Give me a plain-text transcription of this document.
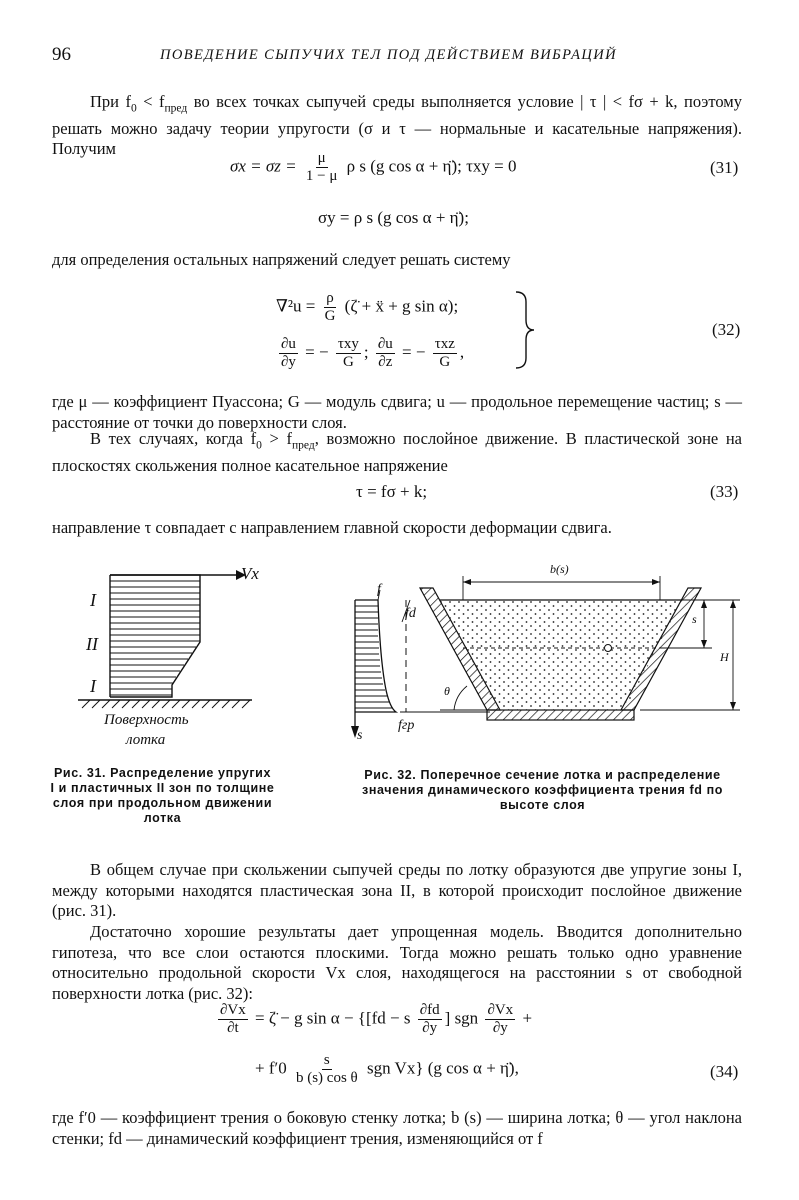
96	ПОВЕДЕНИЕ СЫПУЧИХ ТЕЛ ПОД ДЕЙСТВИЕМ ВИБРАЦИЙ
При $f_0 < f_{пред}$ во всех точках сыпучей среды выполняется условие | τ | < fσ + k, поэтому решать можно задачу теории упругости (σ и τ — нормальные и касательные напряжения). Получим
$\sigma x = \sigma z = \frac{\mu}{1 - \mu}$ ρ s (g cos α + η̈); τxy = 0	(31)
σy = ρ s (g cos α + η̈);
для определения остальных напряжений следует решать систему
$\nabla^2u = \frac{\rho}{G}$ (ζ̈ + ẍ + g sin α);
$\frac{\partial u}{\partial y}$ = − $\frac{\text{τxy}}{G}$ ; $\frac{\partial u}{\partial z}$ = − $\frac{\text{τxz}}{G}$ ,
(32)
где μ — коэффициент Пуассона; G — модуль сдвига; u — продольное перемещение частиц; s — расстояние от точки до поверхности слоя.
В тех случаях, когда $f_0 > f_{пред}$, возможно послойное движение. В пластической зоне на плоскостях скольжения полное касательное напряжение
τ = fσ + k;	(33)
направление τ совпадает с направлением главной скорости деформации сдвига.
Vx
I
II
I
Поверхность
лотка
Рис. 31. Распределение упругих I и пластичных II зон по толщине слоя при продольном движении лотка
f
fd
fгр
s
b(s)
s
H
θ
Рис. 32. Поперечное сечение лотка и распределение значения динамического коэффициента трения fd по высоте слоя
В общем случае при скольжении сыпучей среды по лотку образуются две упругие зоны I, между которыми находятся пластическая зона II, в которой происходит послойное движение (рис. 31).
Достаточно хорошие результаты дает упрощенная модель. Вводится дополнительно гипотеза, что все слои остаются плоскими. Тогда можно решать только одно уравнение относительно продольной скорости Vx слоя, находящегося на расстоянии s от свободной поверхности лотка (рис. 32):
$\frac{\partial Vx}{\partial t}$ = ζ̈ − g sin α − {[fd − s $\frac{\partial fd}{\partial y}$ ] sgn $\frac{\partial Vx}{\partial y}$ +
+ $f'0 \frac{s}{\text{b (s) cos θ}}$ sgn Vx} (g cos α + η̈),	(34)
где f′0 — коэффициент трения о боковую стенку лотка; b (s) — ширина лотка; θ — угол наклона стенки; fd — динамический коэффициент трения, изменяющийся от f
